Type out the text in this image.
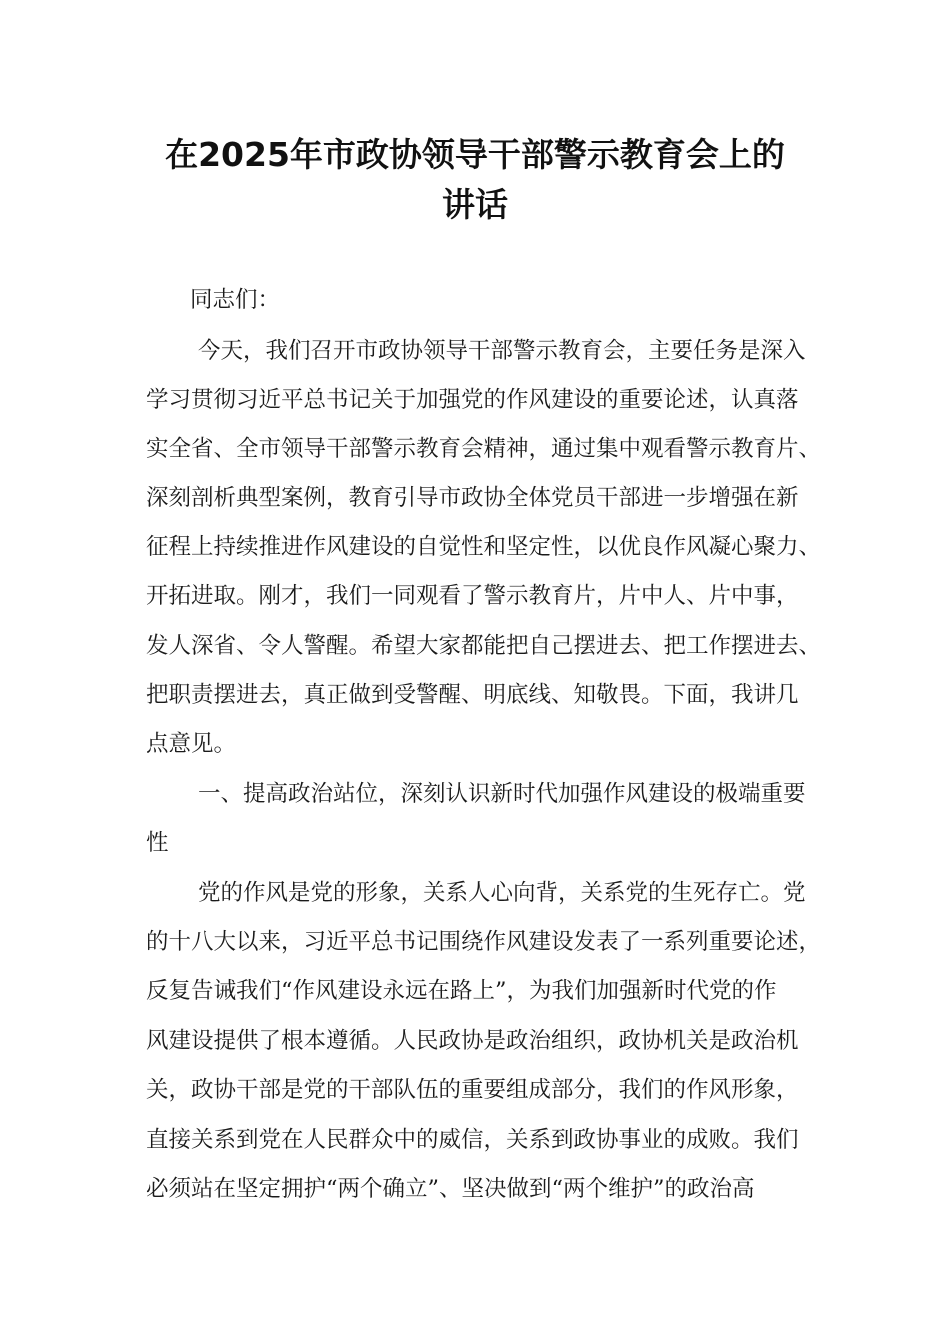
在2025年市政协领导干部警示教育会上的
讲话
同志们：
今天，我们召开市政协领导干部警示教育会，主要任务是深入
学习贯彻习近平总书记关于加强党的作风建设的重要论述，认真落
实全省、全市领导干部警示教育会精神，通过集中观看警示教育片、
深刻剖析典型案例，教育引导市政协全体党员干部进一步增强在新
征程上持续推进作风建设的自觉性和坚定性，以优良作风凝心聚力、
开拓进取。刚才，我们一同观看了警示教育片，片中人、片中事，
发人深省、令人警醒。希望大家都能把自己摆进去、把工作摆进去、
把职责摆进去，真正做到受警醒、明底线、知敬畏。下面，我讲几
点意见。
一、提高政治站位，深刻认识新时代加强作风建设的极端重要
性
党的作风是党的形象，关系人心向背，关系党的生死存亡。党
的十八大以来，习近平总书记围绕作风建设发表了一系列重要论述，
反复告诫我们“作风建设永远在路上”，为我们加强新时代党的作
风建设提供了根本遵循。人民政协是政治组织，政协机关是政治机
关，政协干部是党的干部队伍的重要组成部分，我们的作风形象，
直接关系到党在人民群众中的威信，关系到政协事业的成败。我们
必须站在坚定拥护“两个确立”、坚决做到“两个维护”的政治高
